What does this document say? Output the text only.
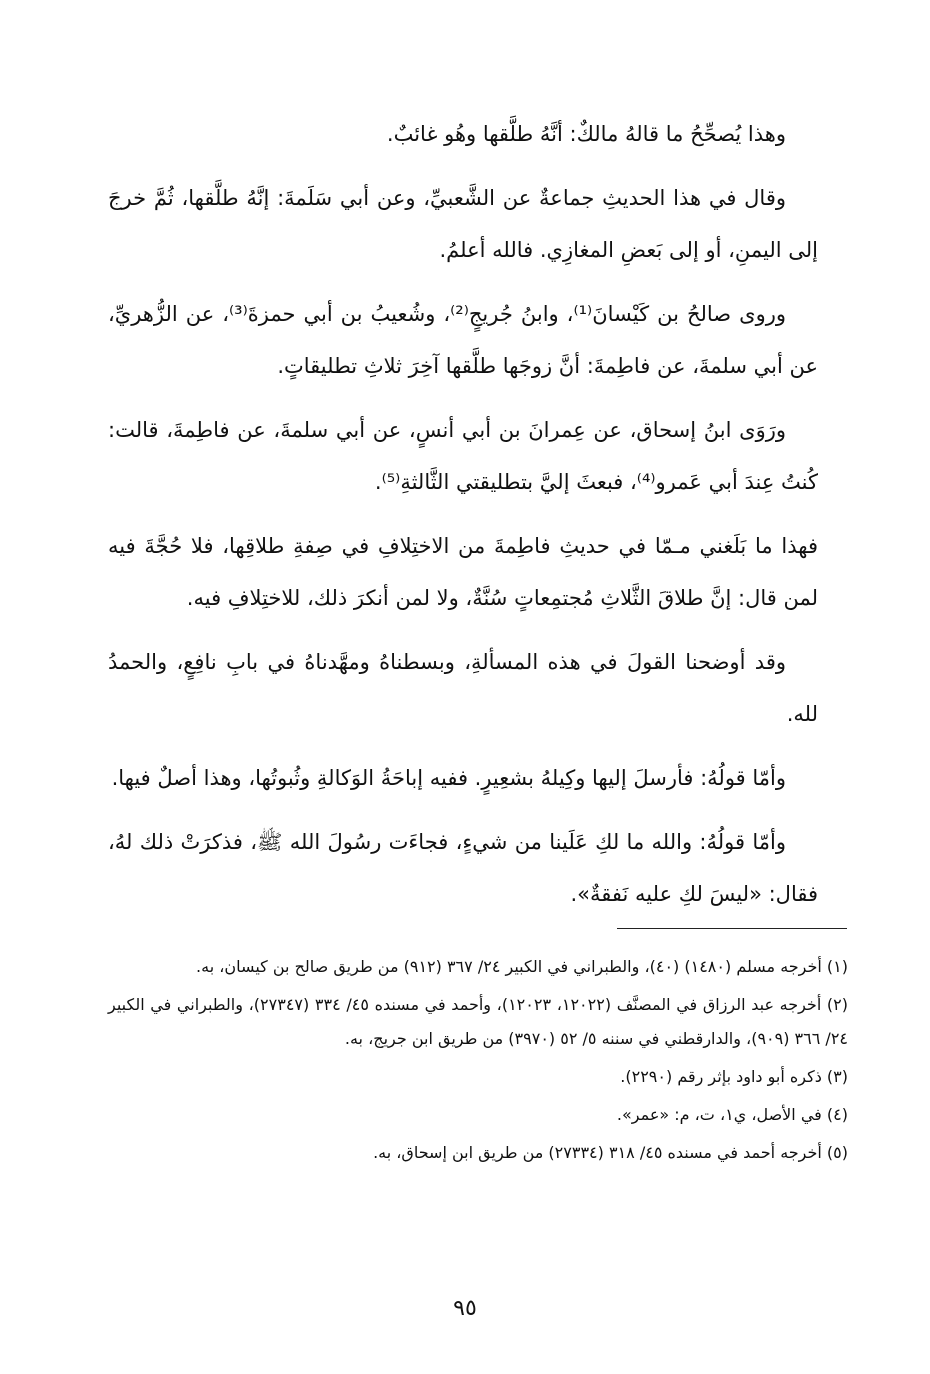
وهذا يُصحِّحُ ما قالهُ مالكٌ: أنَّهُ طلَّقها وهُو غائبٌ.

وقال في هذا الحديثِ جماعةٌ عن الشَّعبيِّ، وعن أبي سَلَمةَ: إنَّهُ طلَّقها، ثُمَّ خرجَ إلى اليمنِ، أو إلى بَعضِ المغازِي. فالله أعلمُ.

وروى صالحُ بن كَيْسانَ⁽¹⁾، وابنُ جُريجٍ⁽²⁾، وشُعيبُ بن أبي حمزةَ⁽³⁾، عن الزُّهريِّ، عن أبي سلمةَ، عن فاطِمةَ: أنَّ زوجَها طلَّقها آخِرَ ثلاثِ تطليقاتٍ.

ورَوَى ابنُ إسحاق، عن عِمرانَ بن أبي أنسٍ، عن أبي سلمةَ، عن فاطِمةَ، قالت: كُنتُ عِندَ أبي عَمرو⁽⁴⁾، فبعثَ إليَّ بتطليقتي الثَّالثةِ⁽⁵⁾.

فهذا ما بَلَغني مـمّا في حديثِ فاطِمةَ من الاختِلافِ في صِفةِ طلاقِها، فلا حُجَّةَ فيه لمن قال: إنَّ طلاقَ الثَّلاثِ مُجتمِعاتٍ سُنَّةٌ، ولا لمن أنكرَ ذلك، للاختِلافِ فيه.

وقد أوضحنا القولَ في هذه المسألةِ، وبسطناهُ ومهَّدناهُ في بابِ نافِعٍ، والحمدُ لله.

وأمّا قولُهُ: فأرسلَ إليها وكِيلهُ بشعِيرٍ. ففيه إباحَةُ الوَكالةِ وثُبوتُها، وهذا أصلٌ فيها.

وأمّا قولُهُ: والله ما لكِ عَلَينا من شيءٍ، فجاءَت رسُولَ الله ﷺ، فذكرَتْ ذلك لهُ، فقال: «ليسَ لكِ عليه نَفقةٌ».

(١) أخرجه مسلم (١٤٨٠) (٤٠)، والطبراني في الكبير ٢٤/ ٣٦٧ (٩١٢) من طريق صالح بن كيسان، به.

(٢) أخرجه عبد الرزاق في المصنَّف (١٢٠٢٢، ١٢٠٢٣)، وأحمد في مسنده ٤٥/ ٣٣٤ (٢٧٣٤٧)، والطبراني في الكبير ٢٤/ ٣٦٦ (٩٠٩)، والدارقطني في سننه ٥/ ٥٢ (٣٩٧٠) من طريق ابن جريج، به.

(٣) ذكره أبو داود بإثر رقم (٢٢٩٠).

(٤) في الأصل، ي١، ت، م: «عمر».

(٥) أخرجه أحمد في مسنده ٤٥/ ٣١٨ (٢٧٣٣٤) من طريق ابن إسحاق، به.

٩٥
